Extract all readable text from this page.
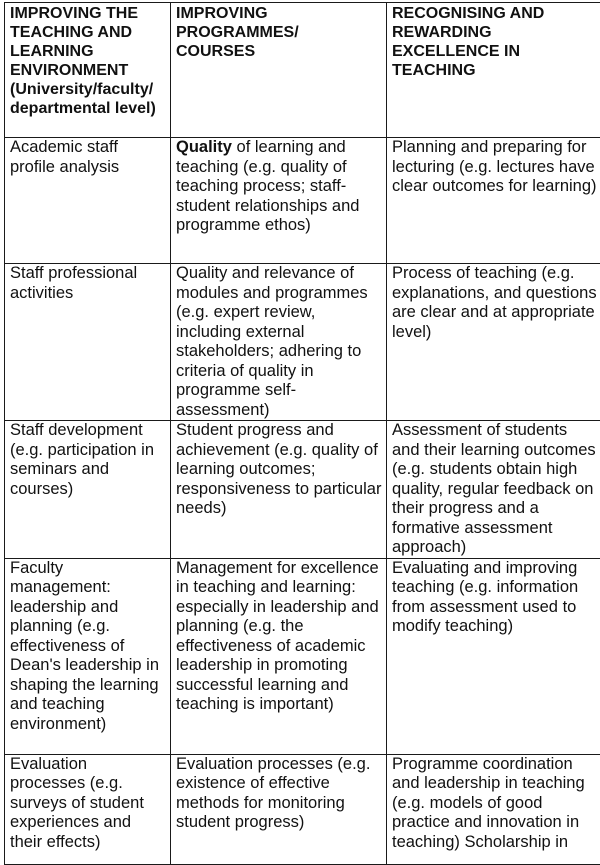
IMPROVING THE TEACHING AND LEARNING ENVIRONMENT (University/faculty/ departmental level)	IMPROVING PROGRAMMES/ COURSES	RECOGNISING AND REWARDING EXCELLENCE IN TEACHING
Academic staff profile analysis	Quality of learning and teaching (e.g. quality of teaching process; staff-student relationships and programme ethos)	Planning and preparing for lecturing (e.g. lectures have clear outcomes for learning)
Staff professional activities	Quality and relevance of modules and programmes (e.g. expert review, including external stakeholders; adhering to criteria of quality in programme self-assessment)	Process of teaching (e.g. explanations, and questions are clear and at appropriate level)
Staff development (e.g. participation in seminars and courses)	Student progress and achievement (e.g. quality of learning outcomes; responsiveness to particular needs)	Assessment of students and their learning outcomes (e.g. students obtain high quality, regular feedback on their progress and a formative assessment approach)
Faculty management: leadership and planning (e.g. effectiveness of Dean's leadership in shaping the learning and teaching environment)	Management for excellence in teaching and learning: especially in leadership and planning (e.g. the effectiveness of academic leadership in promoting successful learning and teaching is important)	Evaluating and improving teaching (e.g. information from assessment used to modify teaching)
Evaluation processes (e.g. surveys of student experiences and their effects)	Evaluation processes (e.g. existence of effective methods for monitoring student progress)	Programme coordination and leadership in teaching (e.g. models of good practice and innovation in teaching) Scholarship in
